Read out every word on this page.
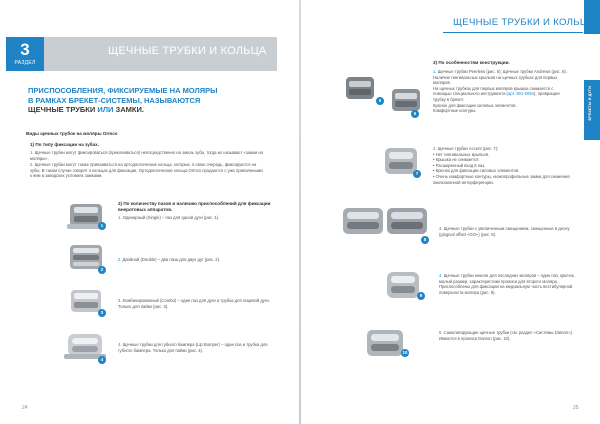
3
РАЗДЕЛ
ЩЕЧНЫЕ ТРУБКИ И КОЛЬЦА
ПРИСПОСОБЛЕНИЯ, ФИКСИРУЕМЫЕ НА МОЛЯРЫ
В РАМКАХ БРЕКЕТ-СИСТЕМЫ, НАЗЫВАЮТСЯ
ЩЕЧНЫЕ ТРУБКИ ИЛИ ЗАМКИ.
Виды щечных трубок на моляры Ormco
1) По типу фиксации на зубах.
1. Щечные трубки могут фиксироваться (приклеиваться) непосредственно на эмаль зуба, тогда их называют «замки на моляры».
2. Щечные трубки могут также припаиваться на ортодонтические кольца, которые, в свою очередь, фиксируются на зубы. В таком случае говорят о кольцах для фиксации. Ортодонтические кольца Ormco продаются с уже припаянными к ним в заводских условиях замками.
2) По количеству пазов и наличию приспособлений для фиксации внеротовых аппаратов.
1
1. Одинарный (Single) – паз для одной дуги (рис. 1).
2
2. Двойной (Double) – два паза для двух дуг (рис. 2).
3
3. Комбинированный (Combo) – один паз для дуги и трубка для лицевой дуги. Только для пайки (рис. 3).
4
4. Щечные трубки для губного бампера (Lip Bumper) – один паз и трубка для губного бампера. Только для пайки (рис. 4).
24
ЩЕЧНЫЕ ТРУБКИ И КОЛЬЦА
БРЕКЕТЫ И ДУГИ
3) По особенностям конструкции.
5
6
1. Щечные трубки Peerless (рис. 5); Щечные трубки Andrews (рис. 6).
Наличие гингивальных крыльев на щечных трубках для первых моляров.
На щечных трубках для первых моляров крышка снимается с помощью специального инструмента (арт. 801-0094), превращая трубку в брекет.
Крючок для фиксации силовых элементов.
Комфортные контуры.
7
2. Щечные трубки Accent (рис. 7):
• Нет гингивальных крыльев.
• Крышка не снимается.
• Расширенный вход в паз.
• Крючок для фиксации силовых элементов.
• Очень комфортные контуры, низкопрофильные замки для снижения окклюзионной интерференции.
8
3. Щечные трубки с увеличенным смещением, смещенные в десну (gingival offset «GO») (рис. 8).
9
4. Щечные трубки никеля для последних моляров – один паз, крючок, малый размер, характеристики прописи для второго моляра. Приспособлены для фиксации на медиальную часть вестибулярной поверхности моляра (рис. 9).
10
5. Самолигирующие щечные трубки (см. раздел «Системы Damon»).
Имеются в прописи Damon (рис. 10).
25
